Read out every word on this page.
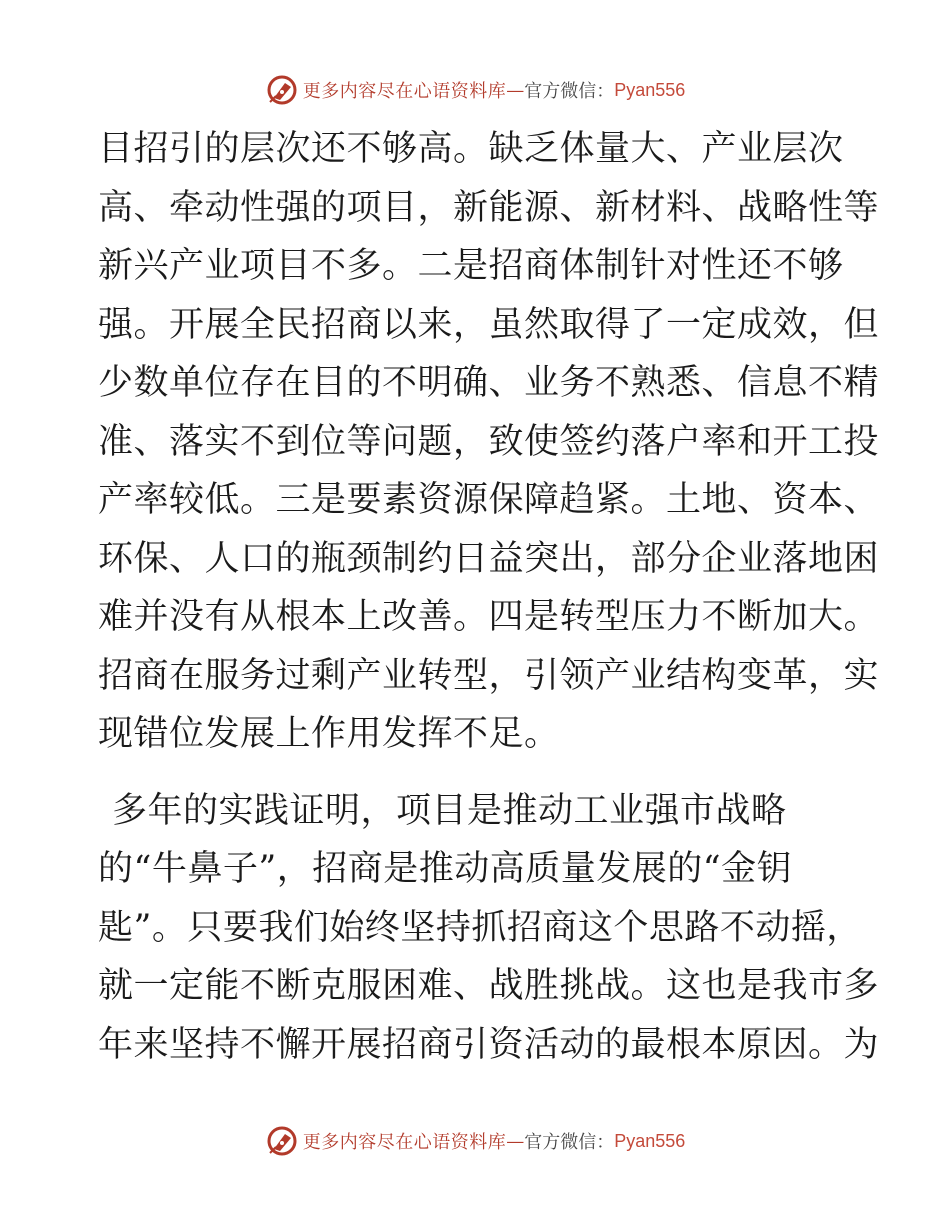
更多内容尽在心语资料库 — 官方微信： Pyan556
目招引的层次还不够高。缺乏体量大、产业层次
高、牵动性强的项目，新能源、新材料、战略性等
新兴产业项目不多。二是招商体制针对性还不够
强。开展全民招商以来，虽然取得了一定成效，但
少数单位存在目的不明确、业务不熟悉、信息不精
准、落实不到位等问题，致使签约落户率和开工投
产率较低。三是要素资源保障趋紧。土地、资本、
环保、人口的瓶颈制约日益突出，部分企业落地困
难并没有从根本上改善。四是转型压力不断加大。
招商在服务过剩产业转型，引领产业结构变革，实
现错位发展上作用发挥不足。
多年的实践证明，项目是推动工业强市战略
的“牛鼻子”，招商是推动高质量发展的“金钥
匙”。只要我们始终坚持抓招商这个思路不动摇，
就一定能不断克服困难、战胜挑战。这也是我市多
年来坚持不懈开展招商引资活动的最根本原因。为
更多内容尽在心语资料库 — 官方微信： Pyan556
